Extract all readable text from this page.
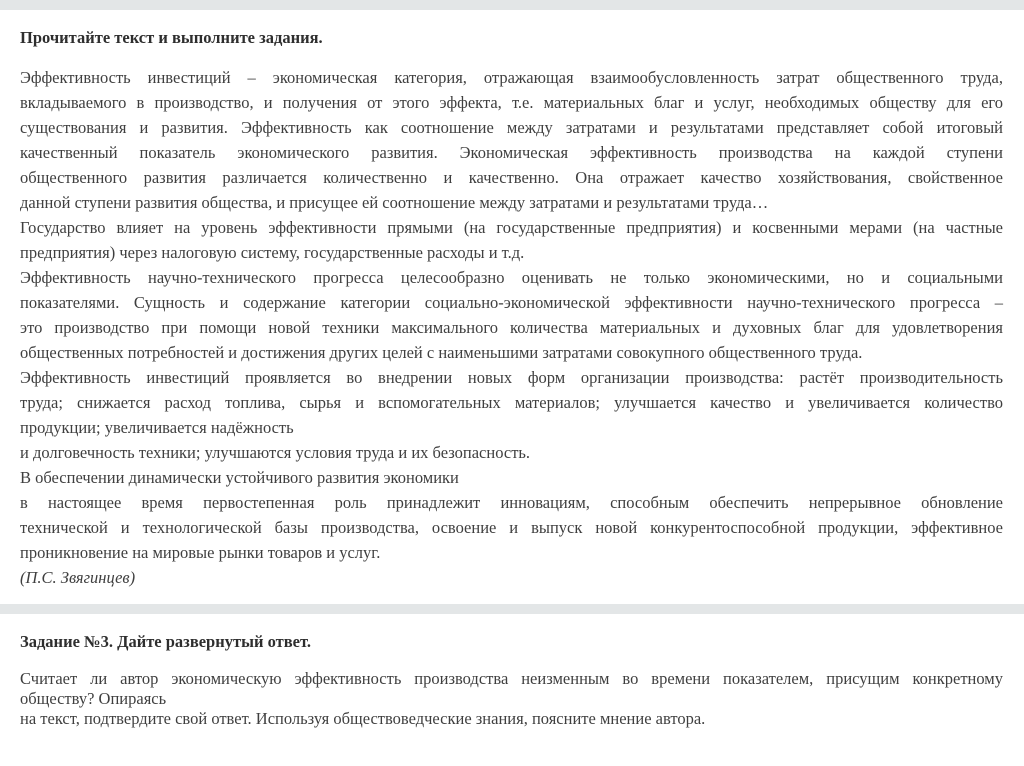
Прочитайте текст и выполните задания.

Эффективность инвестиций – экономическая категория, отражающая взаимообусловленность затрат общественного труда,
вкладываемого в производство, и получения от этого эффекта, т.е. материальных благ и услуг, необходимых обществу для его
существования и развития. Эффективность как соотношение между затратами и результатами представляет собой итоговый
качественный показатель экономического развития. Экономическая эффективность производства на каждой ступени
общественного развития различается количественно и качественно. Она отражает качество хозяйствования, свойственное
данной ступени развития общества, и присущее ей соотношение между затратами и результатами труда…
Государство влияет на уровень эффективности прямыми (на государственные предприятия) и косвенными мерами (на частные
предприятия) через налоговую систему, государственные расходы и т.д.
Эффективность научно-технического прогресса целесообразно оценивать не только экономическими, но и социальными
показателями. Сущность и содержание категории социально-экономической эффективности научно-технического прогресса –
это производство при помощи новой техники максимального количества материальных и духовных благ для удовлетворения
общественных потребностей и достижения других целей с наименьшими затратами совокупного общественного труда.
Эффективность инвестиций проявляется во внедрении новых форм организации производства: растёт производительность
труда; снижается расход топлива, сырья и вспомогательных материалов; улучшается качество и увеличивается количество
продукции; увеличивается надёжность
и долговечность техники; улучшаются условия труда и их безопасность.
В обеспечении динамически устойчивого развития экономики
в настоящее время первостепенная роль принадлежит инновациям, способным обеспечить непрерывное обновление
технической и технологической базы производства, освоение и выпуск новой конкурентоспособной продукции, эффективное
проникновение на мировые рынки товаров и услуг.
(П.С. Звягинцев)

Задание №3. Дайте развернутый ответ.

Считает ли автор экономическую эффективность производства неизменным во времени показателем, присущим конкретному
обществу? Опираясь
на текст, подтвердите свой ответ. Используя обществоведческие знания, поясните мнение автора.
